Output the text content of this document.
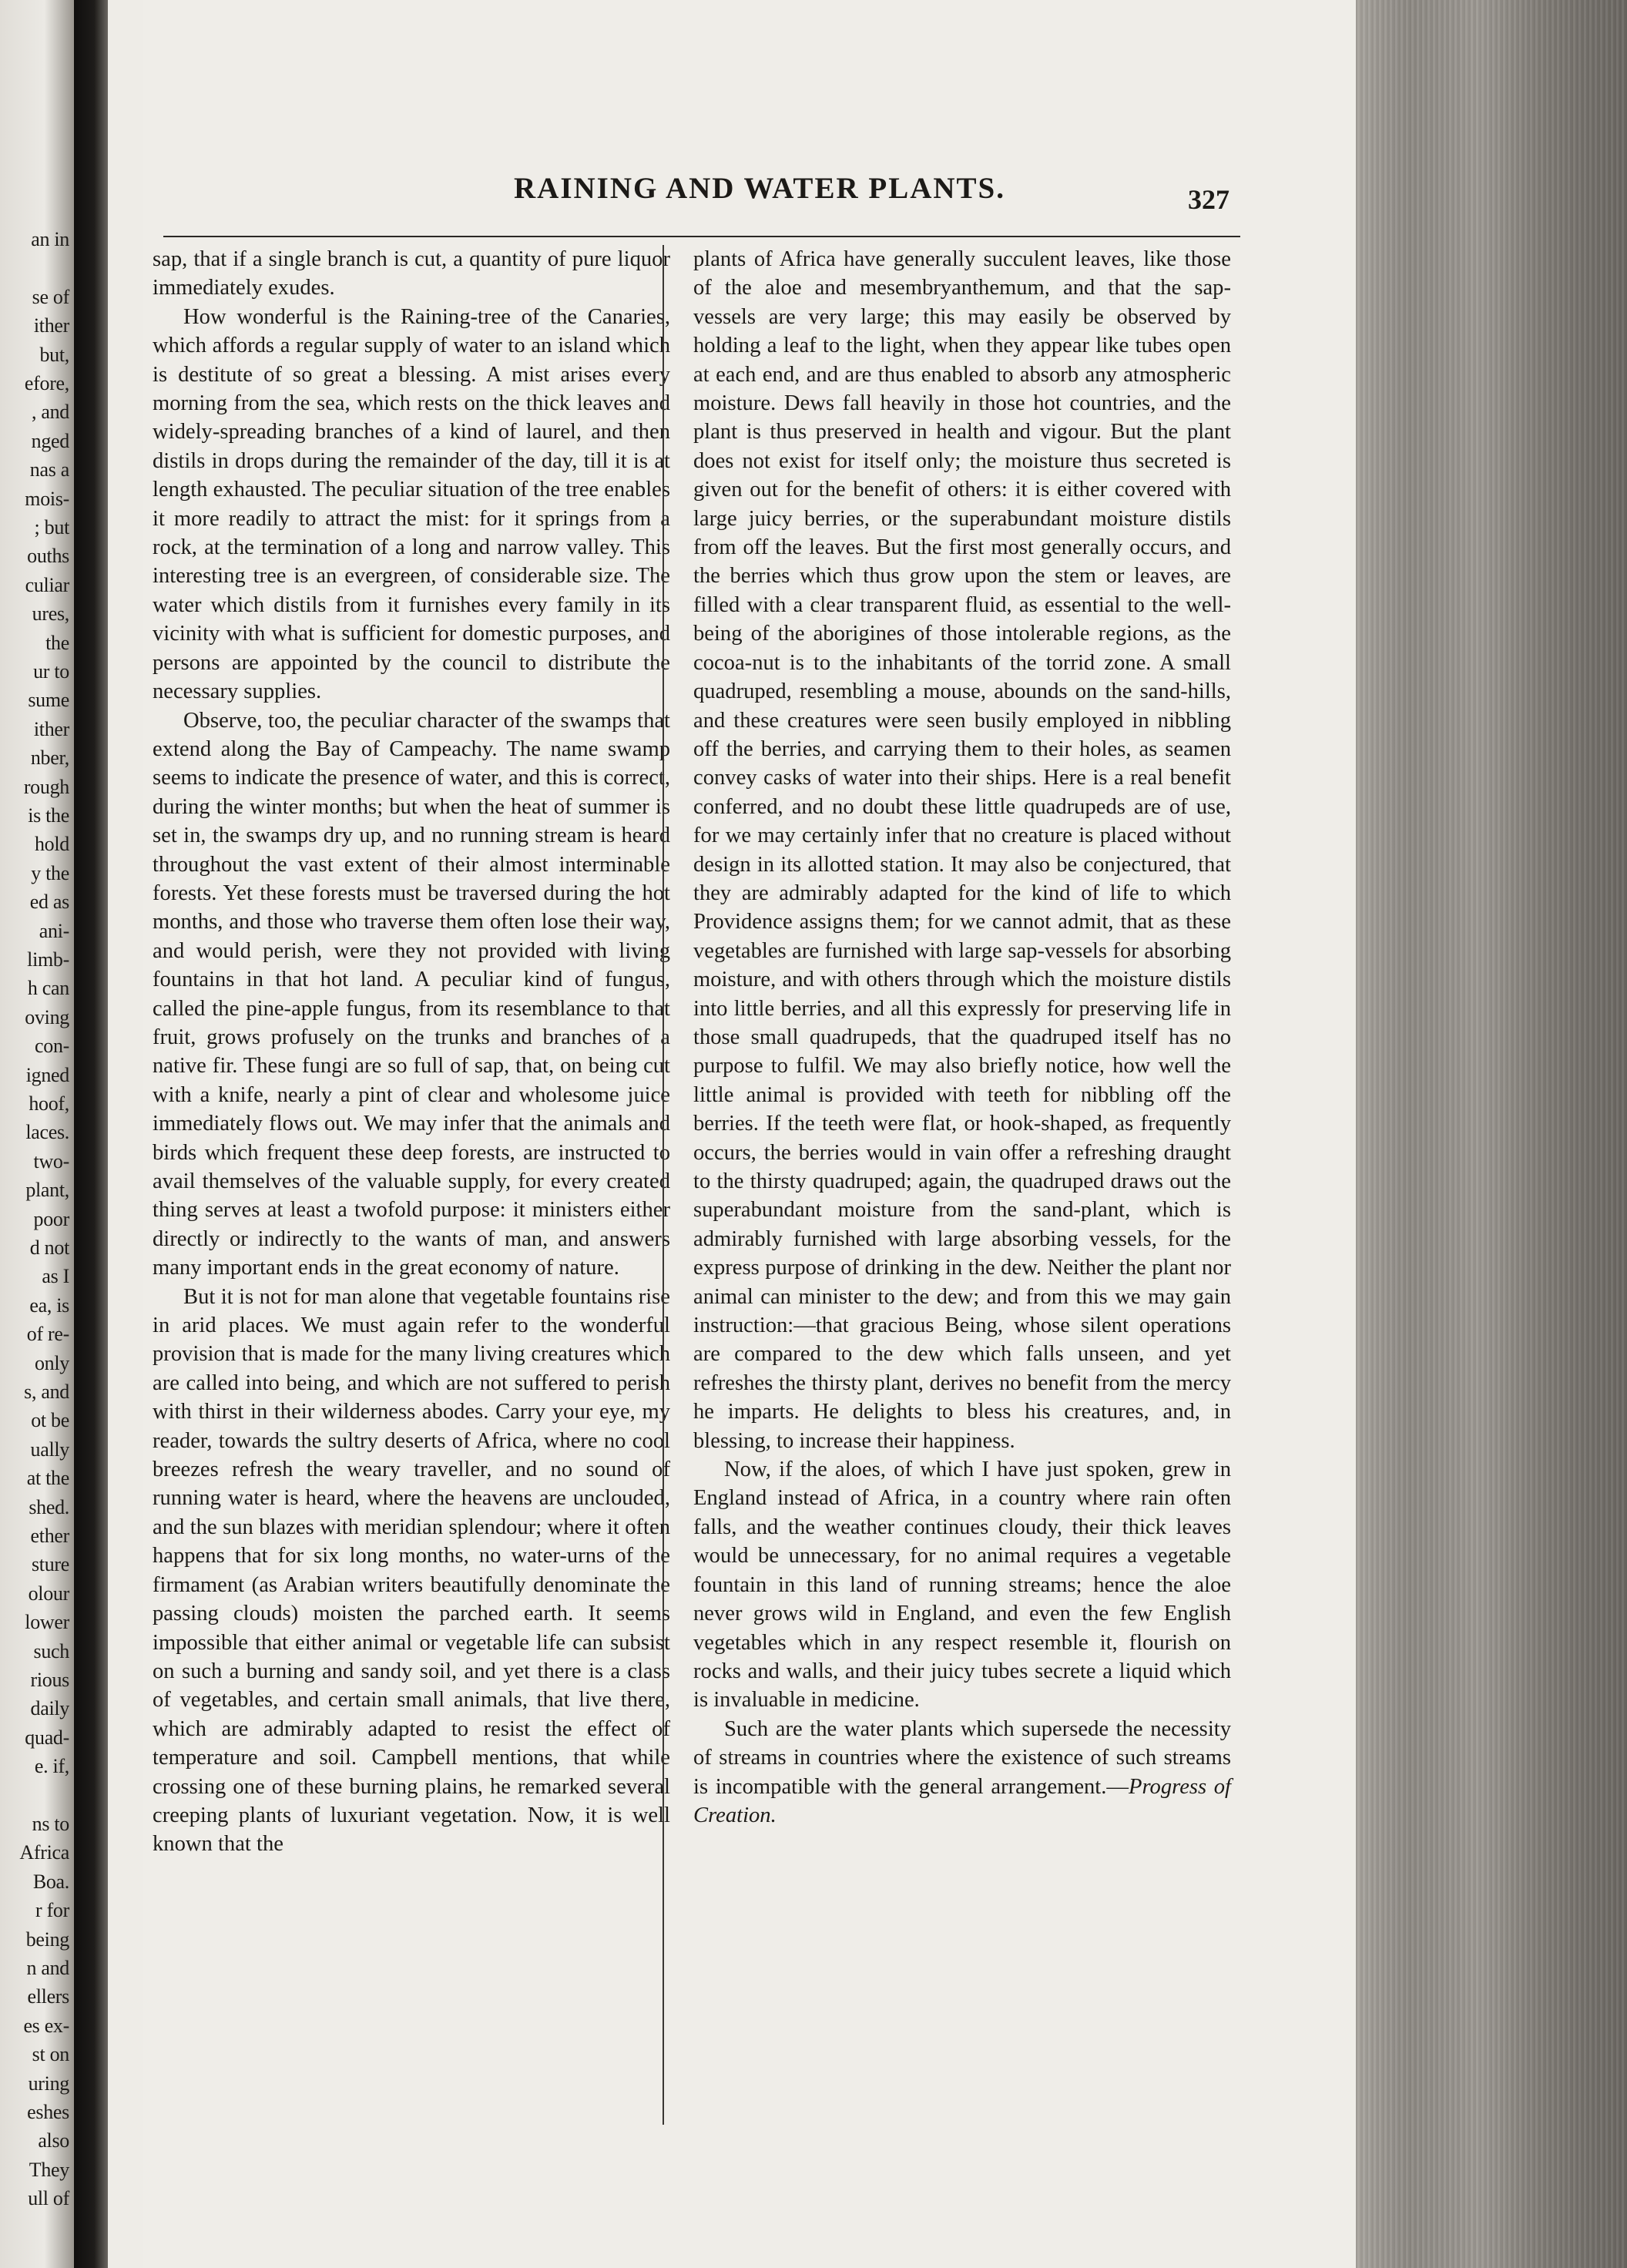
an in
se of
ither
but,
efore,
, and
nged
nas a
mois-
; but
ouths
culiar
ures,
the
ur to
sume
ither
nber,
rough
is the
hold
y the
ed as
ani-
limb-
h can
oving
con-
igned
hoof,
laces.
two-
plant,
poor
d not
as I
ea, is
of re-
only
s, and
ot be
ually
at the
shed.
ether
sture
olour
lower
such
rious
daily
quad-
e. if,
ns to
Africa
Boa.
r for
being
n and
ellers
es ex-
st on
uring
eshes
also
They
ull of
RAINING AND WATER PLANTS.	327

sap, that if a single branch is cut, a quantity of pure liquor immediately exudes.

How wonderful is the Raining-tree of the Canaries, which affords a regular supply of water to an island which is destitute of so great a blessing. A mist arises every morning from the sea, which rests on the thick leaves and widely-spreading branches of a kind of laurel, and then distils in drops during the remainder of the day, till it is at length exhausted. The peculiar situation of the tree enables it more readily to attract the mist: for it springs from a rock, at the termination of a long and narrow valley. This interesting tree is an evergreen, of considerable size. The water which distils from it furnishes every family in its vicinity with what is sufficient for domestic purposes, and persons are appointed by the council to distribute the necessary supplies.

Observe, too, the peculiar character of the swamps that extend along the Bay of Campeachy. The name swamp seems to indicate the presence of water, and this is correct, during the winter months; but when the heat of summer is set in, the swamps dry up, and no running stream is heard throughout the vast extent of their almost interminable forests. Yet these forests must be traversed during the hot months, and those who traverse them often lose their way, and would perish, were they not provided with living fountains in that hot land. A peculiar kind of fungus, called the pine-apple fungus, from its resemblance to that fruit, grows profusely on the trunks and branches of a native fir. These fungi are so full of sap, that, on being cut with a knife, nearly a pint of clear and wholesome juice immediately flows out. We may infer that the animals and birds which frequent these deep forests, are instructed to avail themselves of the valuable supply, for every created thing serves at least a twofold purpose: it ministers either directly or indirectly to the wants of man, and answers many important ends in the great economy of nature.

But it is not for man alone that vegetable fountains rise in arid places. We must again refer to the wonderful provision that is made for the many living creatures which are called into being, and which are not suffered to perish with thirst in their wilderness abodes. Carry your eye, my reader, towards the sultry deserts of Africa, where no cool breezes refresh the weary traveller, and no sound of running water is heard, where the heavens are unclouded, and the sun blazes with meridian splendour; where it often happens that for six long months, no water-urns of the firmament (as Arabian writers beautifully denominate the passing clouds) moisten the parched earth. It seems impossible that either animal or vegetable life can subsist on such a burning and sandy soil, and yet there is a class of vegetables, and certain small animals, that live there, which are admirably adapted to resist the effect of temperature and soil. Campbell mentions, that while crossing one of these burning plains, he remarked several creeping plants of luxuriant vegetation. Now, it is well known that the

plants of Africa have generally succulent leaves, like those of the aloe and mesembryanthemum, and that the sap-vessels are very large; this may easily be observed by holding a leaf to the light, when they appear like tubes open at each end, and are thus enabled to absorb any atmospheric moisture. Dews fall heavily in those hot countries, and the plant is thus preserved in health and vigour. But the plant does not exist for itself only; the moisture thus secreted is given out for the benefit of others: it is either covered with large juicy berries, or the superabundant moisture distils from off the leaves. But the first most generally occurs, and the berries which thus grow upon the stem or leaves, are filled with a clear transparent fluid, as essential to the well-being of the aborigines of those intolerable regions, as the cocoa-nut is to the inhabitants of the torrid zone. A small quadruped, resembling a mouse, abounds on the sand-hills, and these creatures were seen busily employed in nibbling off the berries, and carrying them to their holes, as seamen convey casks of water into their ships. Here is a real benefit conferred, and no doubt these little quadrupeds are of use, for we may certainly infer that no creature is placed without design in its allotted station. It may also be conjectured, that they are admirably adapted for the kind of life to which Providence assigns them; for we cannot admit, that as these vegetables are furnished with large sap-vessels for absorbing moisture, and with others through which the moisture distils into little berries, and all this expressly for preserving life in those small quadrupeds, that the quadruped itself has no purpose to fulfil. We may also briefly notice, how well the little animal is provided with teeth for nibbling off the berries. If the teeth were flat, or hook-shaped, as frequently occurs, the berries would in vain offer a refreshing draught to the thirsty quadruped; again, the quadruped draws out the superabundant moisture from the sand-plant, which is admirably furnished with large absorbing vessels, for the express purpose of drinking in the dew. Neither the plant nor animal can minister to the dew; and from this we may gain instruction:—that gracious Being, whose silent operations are compared to the dew which falls unseen, and yet refreshes the thirsty plant, derives no benefit from the mercy he imparts. He delights to bless his creatures, and, in blessing, to increase their happiness.

Now, if the aloes, of which I have just spoken, grew in England instead of Africa, in a country where rain often falls, and the weather continues cloudy, their thick leaves would be unnecessary, for no animal requires a vegetable fountain in this land of running streams; hence the aloe never grows wild in England, and even the few English vegetables which in any respect resemble it, flourish on rocks and walls, and their juicy tubes secrete a liquid which is invaluable in medicine.

Such are the water plants which supersede the necessity of streams in countries where the existence of such streams is incompatible with the general arrangement.—Progress of Creation.
